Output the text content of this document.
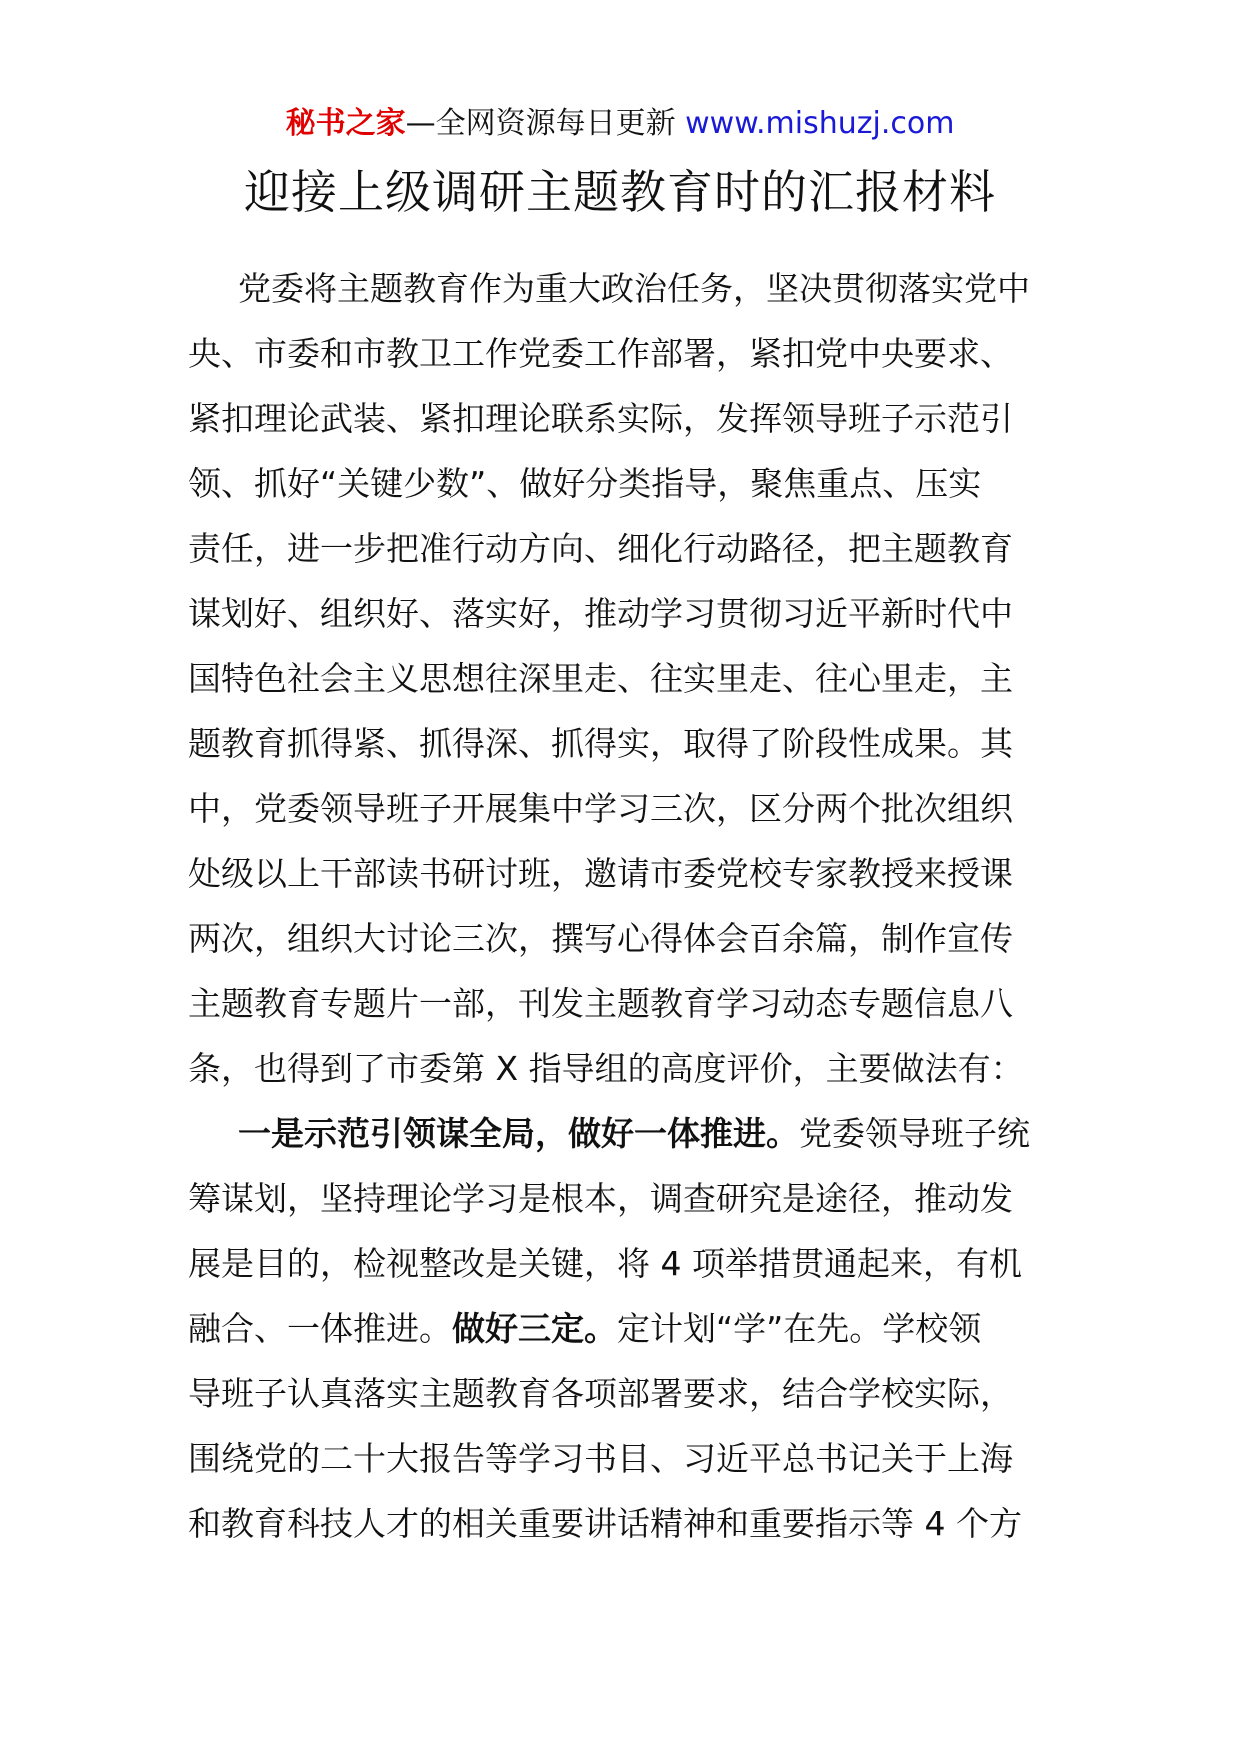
秘书之家—全网资源每日更新 www.mishuzj.com
迎接上级调研主题教育时的汇报材料
党委将主题教育作为重大政治任务，坚决贯彻落实党中
央、市委和市教卫工作党委工作部署，紧扣党中央要求、
紧扣理论武装、紧扣理论联系实际，发挥领导班子示范引
领、抓好“关键少数”、做好分类指导，聚焦重点、压实
责任，进一步把准行动方向、细化行动路径，把主题教育
谋划好、组织好、落实好，推动学习贯彻习近平新时代中
国特色社会主义思想往深里走、往实里走、往心里走，主
题教育抓得紧、抓得深、抓得实，取得了阶段性成果。其
中，党委领导班子开展集中学习三次，区分两个批次组织
处级以上干部读书研讨班，邀请市委党校专家教授来授课
两次，组织大讨论三次，撰写心得体会百余篇，制作宣传
主题教育专题片一部，刊发主题教育学习动态专题信息八
条，也得到了市委第 X 指导组的高度评价，主要做法有：
一是示范引领谋全局，做好一体推进。党委领导班子统
筹谋划，坚持理论学习是根本，调查研究是途径，推动发
展是目的，检视整改是关键，将 4 项举措贯通起来，有机
融合、一体推进。做好三定。定计划“学”在先。学校领
导班子认真落实主题教育各项部署要求，结合学校实际，
围绕党的二十大报告等学习书目、习近平总书记关于上海
和教育科技人才的相关重要讲话精神和重要指示等 4 个方
